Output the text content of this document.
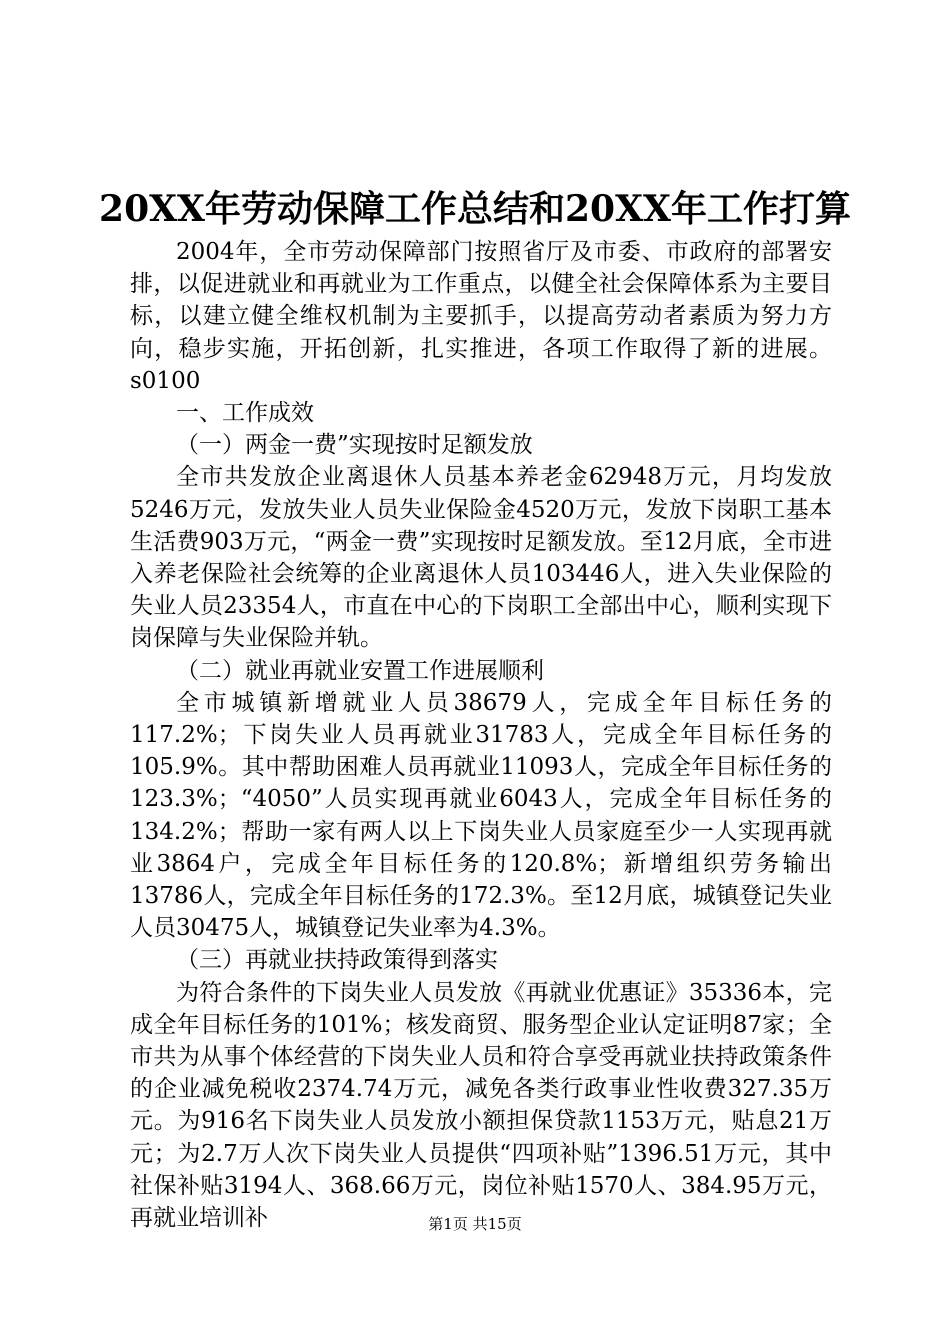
20XX年劳动保障工作总结和20XX年工作打算

2004年，全市劳动保障部门按照省厅及市委、市政府的部署安排，以促进就业和再就业为工作重点，以健全社会保障体系为主要目标，以建立健全维权机制为主要抓手，以提高劳动者素质为努力方向，稳步实施，开拓创新，扎实推进，各项工作取得了新的进展。s0100

一、工作成效

（一）两金一费”实现按时足额发放

全市共发放企业离退休人员基本养老金62948万元，月均发放5246万元，发放失业人员失业保险金4520万元，发放下岗职工基本生活费903万元，“两金一费”实现按时足额发放。至12月底，全市进入养老保险社会统筹的企业离退休人员103446人，进入失业保险的失业人员23354人，市直在中心的下岗职工全部出中心，顺利实现下岗保障与失业保险并轨。

（二）就业再就业安置工作进展顺利

全市城镇新增就业人员38679人，完成全年目标任务的117.2%；下岗失业人员再就业31783人，完成全年目标任务的105.9%。其中帮助困难人员再就业11093人，完成全年目标任务的123.3%；“4050”人员实现再就业6043人，完成全年目标任务的134.2%；帮助一家有两人以上下岗失业人员家庭至少一人实现再就业3864户，完成全年目标任务的120.8%；新增组织劳务输出13786人，完成全年目标任务的172.3%。至12月底，城镇登记失业人员30475人，城镇登记失业率为4.3%。

（三）再就业扶持政策得到落实

为符合条件的下岗失业人员发放《再就业优惠证》35336本，完成全年目标任务的101%；核发商贸、服务型企业认定证明87家；全市共为从事个体经营的下岗失业人员和符合享受再就业扶持政策条件的企业减免税收2374.74万元，减免各类行政事业性收费327.35万元。为916名下岗失业人员发放小额担保贷款1153万元，贴息21万元；为2.7万人次下岗失业人员提供“四项补贴”1396.51万元，其中社保补贴3194人、368.66万元，岗位补贴1570人、384.95万元，再就业培训补	第1页 共15页
